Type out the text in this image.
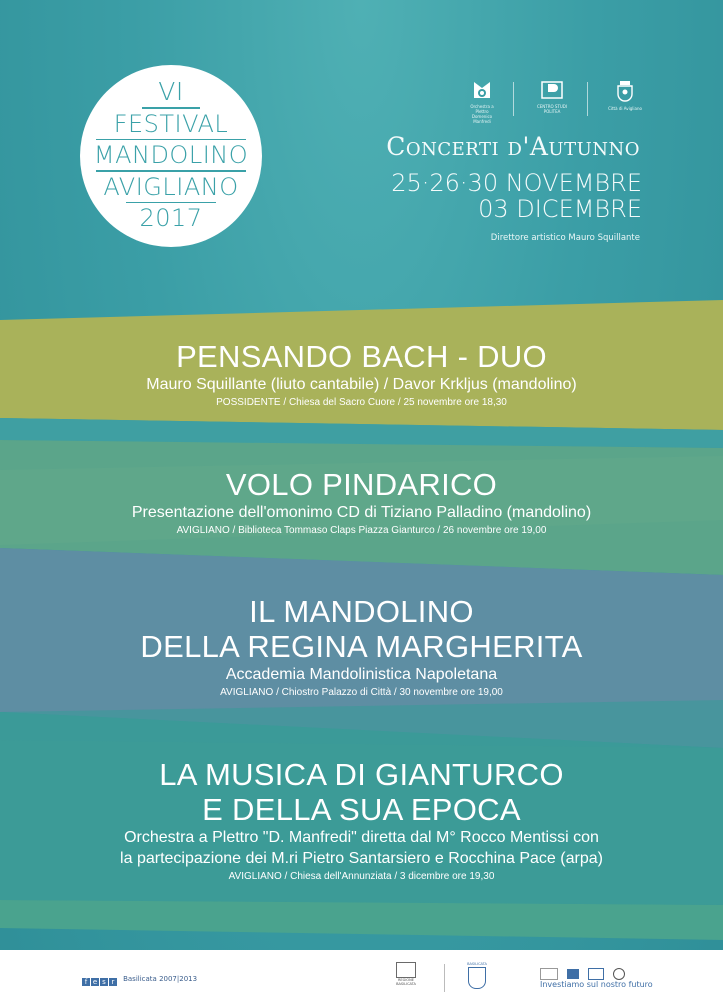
VI
FESTIVAL
MANDOLINO
AVIGLIANO
2017
Orchestra a Plettro Domenico Manfredi
CENTRO STUDI POLITEA
Città di Avigliano
Concerti d'Autunno
25·26·30 NOVEMBRE
03 DICEMBRE
Direttore artistico Mauro Squillante
PENSANDO BACH - DUO
Mauro Squillante (liuto cantabile) / Davor Krkljus (mandolino)
POSSIDENTE / Chiesa del Sacro Cuore / 25 novembre ore 18,30
VOLO PINDARICO
Presentazione dell'omonimo CD di Tiziano Palladino (mandolino)
AVIGLIANO / Biblioteca Tommaso Claps Piazza Gianturco / 26 novembre ore 19,00
IL MANDOLINO
DELLA REGINA MARGHERITA
Accademia Mandolinistica Napoletana
AVIGLIANO / Chiostro Palazzo di Città / 30 novembre ore 19,00
LA MUSICA DI GIANTURCO
E DELLA SUA EPOCA
Orchestra a Plettro "D. Manfredi" diretta dal M° Rocco Mentissi con
la partecipazione dei M.ri Pietro Santarsiero e Rocchina Pace (arpa)
AVIGLIANO / Chiesa dell'Annunziata / 3 dicembre ore 19,30
f e s r Basilicata 2007|2013	REGIONE BASILICATA
BASILICATA

Investiamo sul nostro futuro
